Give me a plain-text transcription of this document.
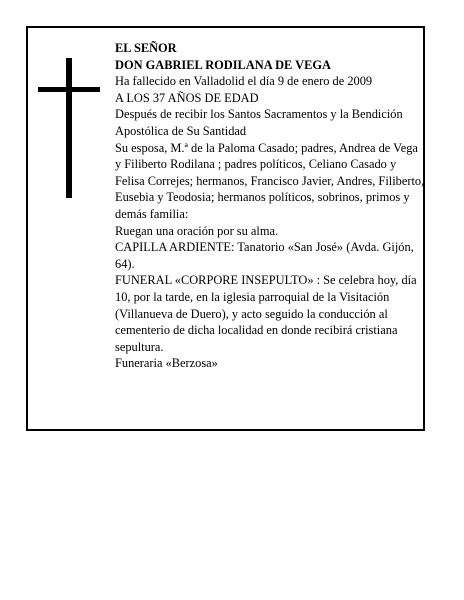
EL SEÑOR

DON GABRIEL RODILANA DE VEGA

Ha fallecido en Valladolid el día 9 de enero de 2009

A LOS 37 AÑOS DE EDAD

Después de recibir los Santos Sacramentos y la Bendición Apostólica de Su Santidad

Su esposa, M.ª de la Paloma Casado; padres, Andrea de Vega y Filiberto Rodilana ; padres políticos, Celiano Casado y Felisa Correjes; hermanos, Francisco Javier, Andres, Filiberto, Eusebia y Teodosia; hermanos políticos, sobrinos, primos y demás familia:

Ruegan una oración por su alma.

CAPILLA ARDIENTE: Tanatorio «San José» (Avda. Gijón, 64).

FUNERAL «CORPORE INSEPULTO» : Se celebra hoy, día 10, por la tarde, en la iglesia parroquial de la Visitación (Villanueva de Duero), y acto seguido la conducción al cementerio de dicha localidad en donde recibirá cristiana sepultura.

Funeraria «Berzosa»
